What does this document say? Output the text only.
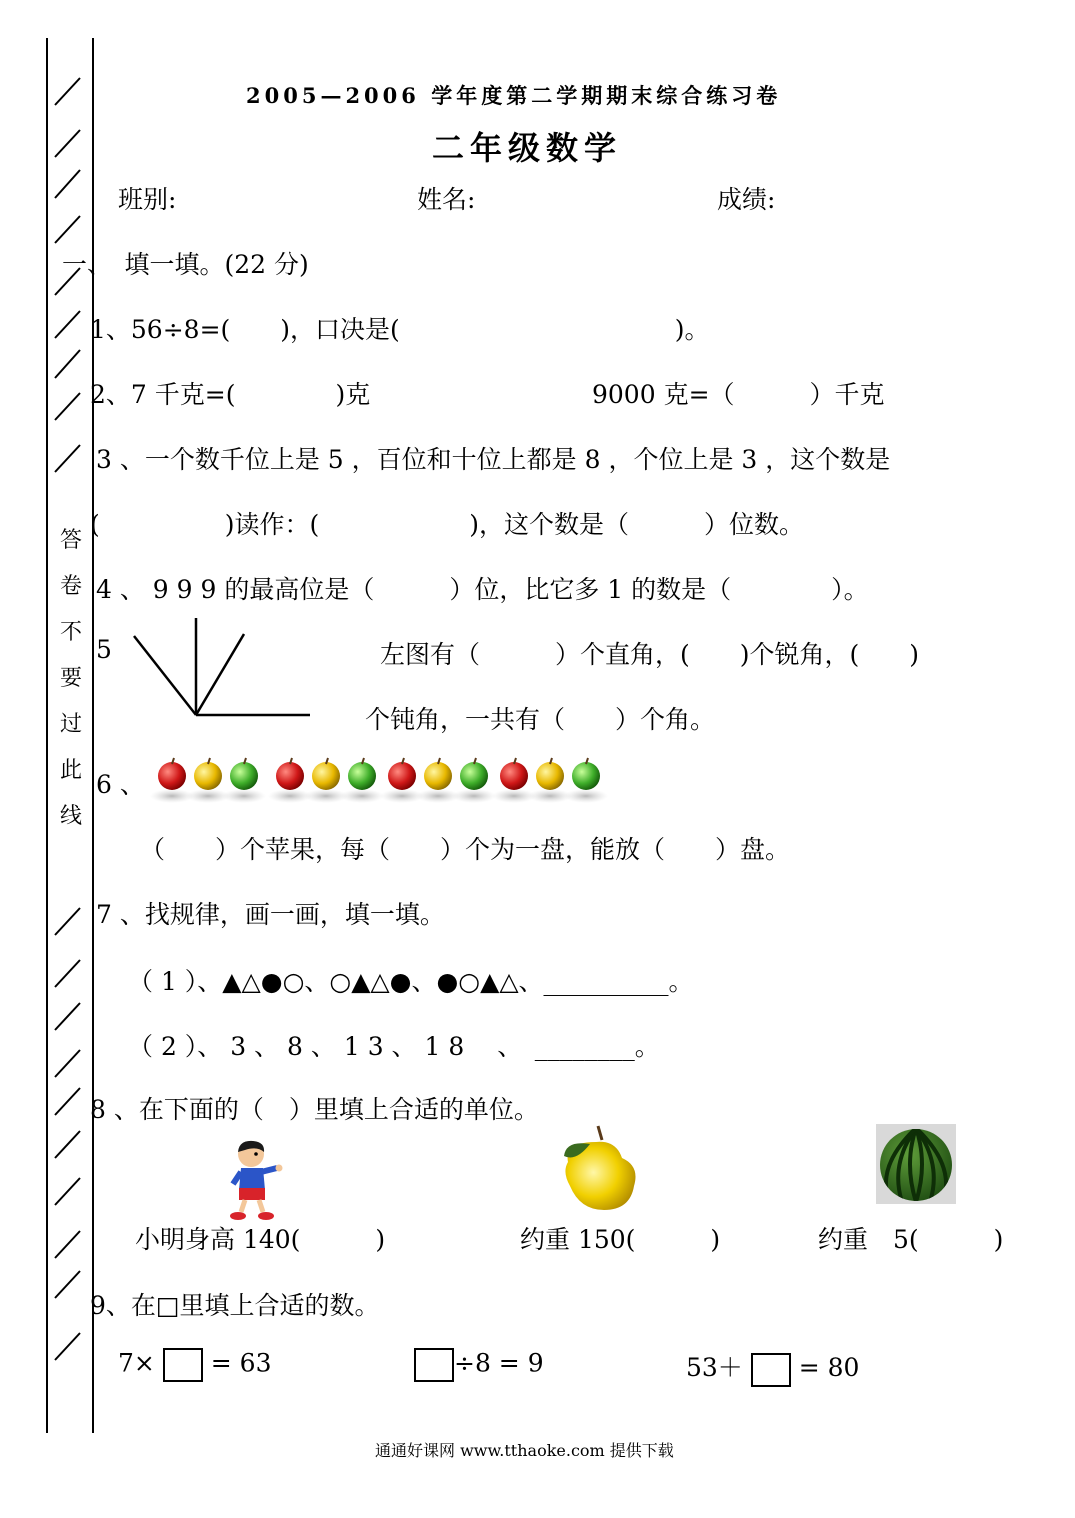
答
卷
不
要
过
此
线
2005—2006 学年度第二学期期末综合练习卷
二年级数学
班别:	姓名:	成绩:
一、　填一填。(22 分)
1、56÷8=(　　)，口决是(　　　　　　　　　　　)。
2、7 千克=(　　　　)克	9000 克=（　　　）千克
3 、一个数千位上是 5 ，百位和十位上都是 8 ，个位上是 3 ，这个数是
(　　　　　)读作：(　　　　　　)，这个数是（　　　）位数。
4 、 9 9 9 的最高位是（　　　）位，比它多 1 的数是（　　　　）。
5	左图有（　　　）个直角，(　　)个锐角，(　　)
个钝角，一共有（　　）个角。
6 、
（　　）个苹果，每（　　）个为一盘，能放（　　）盘。
7 、找规律，画一画，填一填。
（ 1 ）、▲△●○、○▲△●、●○▲△、__________。
（ 2 ）、 3 、 8 、 1 3 、 1 8 　、　________。
8 、在下面的（　）里填上合适的单位。
小明身高 140(　　　)	约重 150(　　　)	约重　5(　　　)
9、在□里填上合适的数。
7× = 63	÷8 = 9	53＋ = 80
通通好课网 www.tthaoke.com 提供下载
